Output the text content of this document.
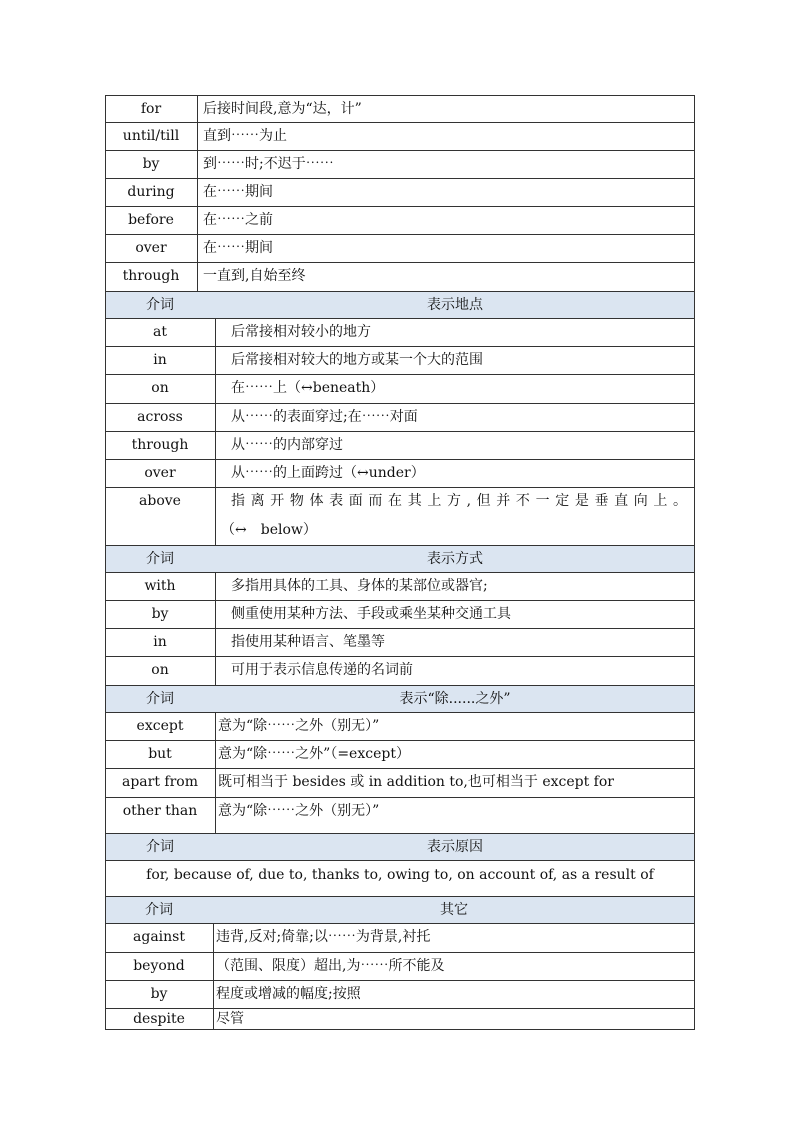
for	后接时间段,意为“达，计”
until/till	直到⋯⋯为止
by	到⋯⋯时;不迟于⋯⋯
during	在⋯⋯期间
before	在⋯⋯之前
over	在⋯⋯期间
through	一直到,自始至终
介词	表示地点
at	后常接相对较小的地方
in	后常接相对较大的地方或某一个大的范围
on	在⋯⋯上（↔beneath）
across	从⋯⋯的表面穿过;在⋯⋯对面
through	从⋯⋯的内部穿过
over	从⋯⋯的上面跨过（↔under）
above	指离开物体表面而在其上方,但并不一定是垂直向上。
（↔　below）
介词	表示方式
with	多指用具体的工具、身体的某部位或器官;
by	侧重使用某种方法、手段或乘坐某种交通工具
in	指使用某种语言、笔墨等
on	可用于表示信息传递的名词前
介词	表示“除......之外”
except	意为“除⋯⋯之外（别无）”
but	意为“除⋯⋯之外”（=except）
apart from	既可相当于 besides 或 in addition to,也可相当于 except for
other than	意为“除⋯⋯之外（别无）”
介词	表示原因
for, because of, due to, thanks to, owing to, on account of, as a result of
介词	其它
against	违背,反对;倚靠;以⋯⋯为背景,衬托
beyond	（范围、限度）超出,为⋯⋯所不能及
by	程度或增减的幅度;按照
despite	尽管
